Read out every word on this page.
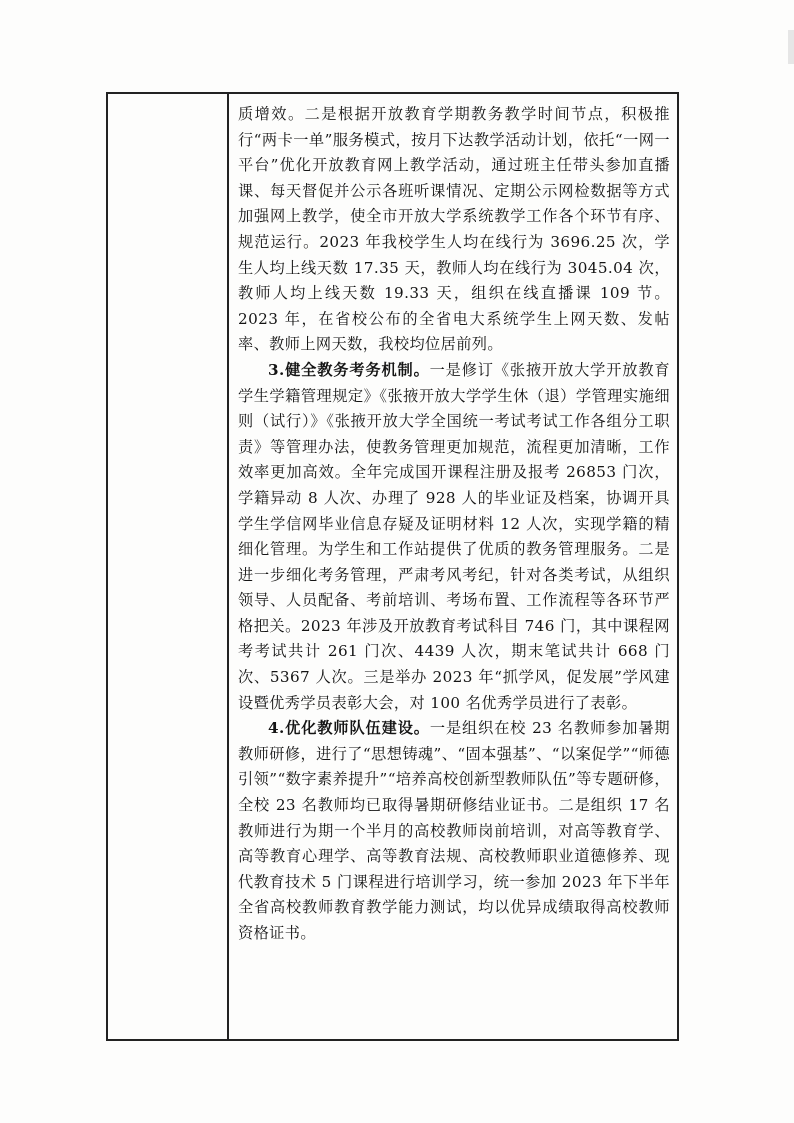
质增效。二是根据开放教育学期教务教学时间节点，积极推行“两卡一单”服务模式，按月下达教学活动计划，依托“一网一平台”优化开放教育网上教学活动，通过班主任带头参加直播课、每天督促并公示各班听课情况、定期公示网检数据等方式加强网上教学，使全市开放大学系统教学工作各个环节有序、规范运行。2023 年我校学生人均在线行为 3696.25 次，学生人均上线天数 17.35 天，教师人均在线行为 3045.04 次，教师人均上线天数 19.33 天，组织在线直播课 109 节。2023 年，在省校公布的全省电大系统学生上网天数、发帖率、教师上网天数，我校均位居前列。

3.健全教务考务机制。一是修订《张掖开放大学开放教育学生学籍管理规定》《张掖开放大学学生休（退）学管理实施细则（试行）》《张掖开放大学全国统一考试考试工作各组分工职责》等管理办法，使教务管理更加规范，流程更加清晰，工作效率更加高效。全年完成国开课程注册及报考 26853 门次，学籍异动 8 人次、办理了 928 人的毕业证及档案，协调开具学生学信网毕业信息存疑及证明材料 12 人次，实现学籍的精细化管理。为学生和工作站提供了优质的教务管理服务。二是进一步细化考务管理，严肃考风考纪，针对各类考试，从组织领导、人员配备、考前培训、考场布置、工作流程等各环节严格把关。2023 年涉及开放教育考试科目 746 门，其中课程网考考试共计 261 门次、4439 人次，期末笔试共计 668 门次、5367 人次。三是举办 2023 年“抓学风，促发展”学风建设暨优秀学员表彰大会，对 100 名优秀学员进行了表彰。

4.优化教师队伍建设。一是组织在校 23 名教师参加暑期教师研修，进行了“思想铸魂”、“固本强基”、“以案促学”“师德引领”“数字素养提升”“培养高校创新型教师队伍”等专题研修，全校 23 名教师均已取得暑期研修结业证书。二是组织 17 名教师进行为期一个半月的高校教师岗前培训，对高等教育学、高等教育心理学、高等教育法规、高校教师职业道德修养、现代教育技术 5 门课程进行培训学习，统一参加 2023 年下半年全省高校教师教育教学能力测试，均以优异成绩取得高校教师资格证书。
